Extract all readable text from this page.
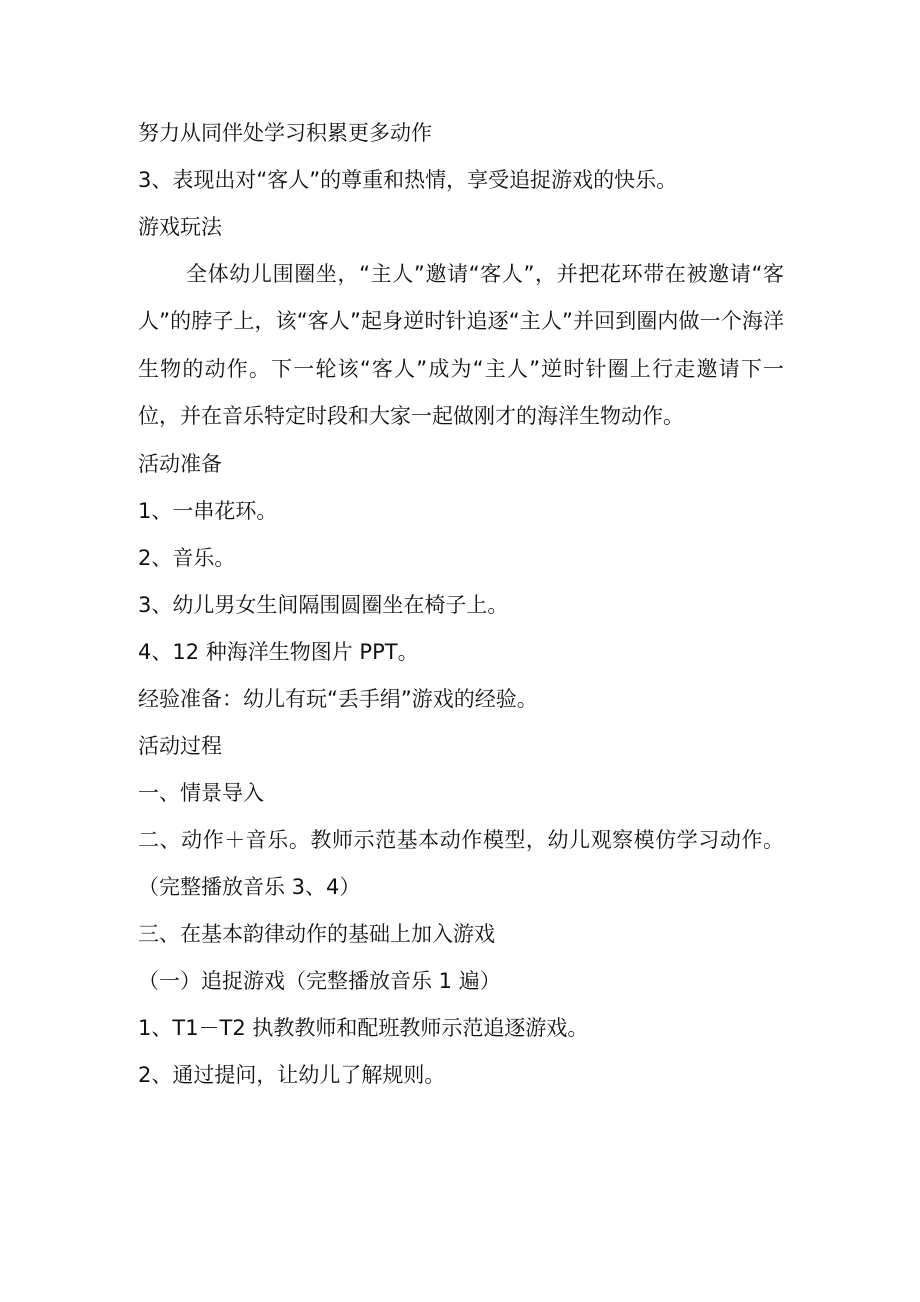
努力从同伴处学习积累更多动作
3、表现出对“客人”的尊重和热情，享受追捉游戏的快乐。
游戏玩法
全体幼儿围圈坐，“主人”邀请“客人”，并把花环带在被邀请“客人”的脖子上，该“客人”起身逆时针追逐“主人”并回到圈内做一个海洋生物的动作。下一轮该“客人”成为“主人”逆时针圈上行走邀请下一位，并在音乐特定时段和大家一起做刚才的海洋生物动作。
活动准备
1、一串花环。
2、音乐。
3、幼儿男女生间隔围圆圈坐在椅子上。
4、12 种海洋生物图片 PPT。
经验准备：幼儿有玩“丢手绢”游戏的经验。
活动过程
一、情景导入
二、动作＋音乐。教师示范基本动作模型，幼儿观察模仿学习动作。（完整播放音乐 3、4）
三、在基本韵律动作的基础上加入游戏
（一）追捉游戏（完整播放音乐 1 遍）
1、T1－T2 执教教师和配班教师示范追逐游戏。
2、通过提问，让幼儿了解规则。
